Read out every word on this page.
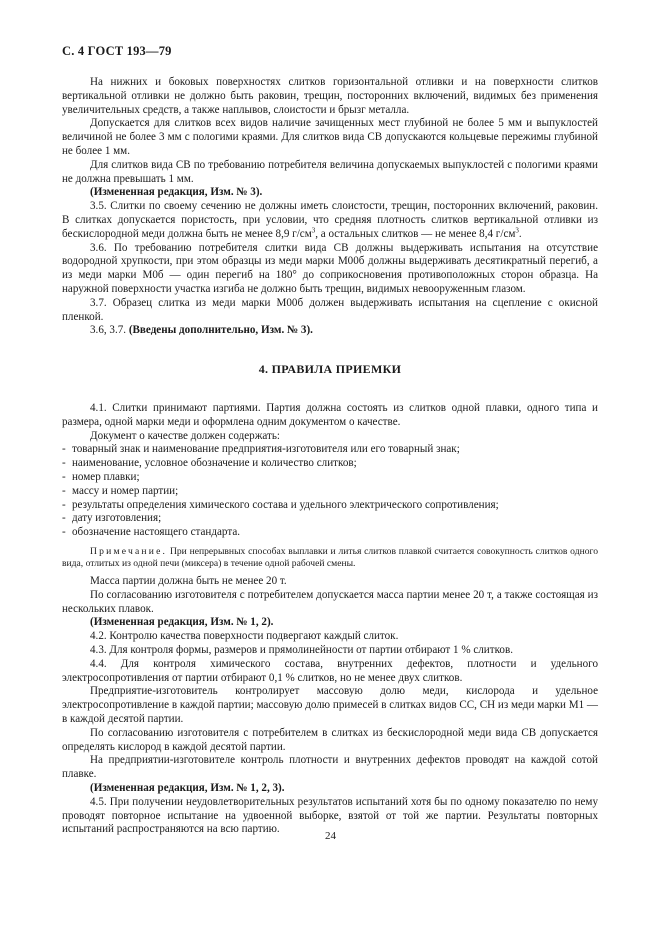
С. 4 ГОСТ 193—79

На нижних и боковых поверхностях слитков горизонтальной отливки и на поверхности слитков вертикальной отливки не должно быть раковин, трещин, посторонних включений, видимых без применения увеличительных средств, а также наплывов, слоистости и брызг металла.

Допускается для слитков всех видов наличие зачищенных мест глубиной не более 5 мм и выпуклостей величиной не более 3 мм с пологими краями. Для слитков вида СВ допускаются кольцевые пережимы глубиной не более 1 мм.

Для слитков вида СВ по требованию потребителя величина допускаемых выпуклостей с пологими краями не должна превышать 1 мм.

(Измененная редакция, Изм. № 3).

3.5. Слитки по своему сечению не должны иметь слоистости, трещин, посторонних включений, раковин. В слитках допускается пористость, при условии, что средняя плотность слитков вертикальной отливки из бескислородной меди должна быть не менее 8,9 $г/см^3$, а остальных слитков — не менее 8,4 $г/см^3$.

3.6. По требованию потребителя слитки вида СВ должны выдерживать испытания на отсутствие водородной хрупкости, при этом образцы из меди марки М00б должны выдерживать десятикратный перегиб, а из меди марки М0б — один перегиб на 180° до соприкосновения противоположных сторон образца. На наружной поверхности участка изгиба не должно быть трещин, видимых невооруженным глазом.

3.7. Образец слитка из меди марки М00б должен выдерживать испытания на сцепление с окисной пленкой.

3.6, 3.7. (Введены дополнительно, Изм. № 3).

4. ПРАВИЛА ПРИЕМКИ

4.1. Слитки принимают партиями. Партия должна состоять из слитков одной плавки, одного типа и размера, одной марки меди и оформлена одним документом о качестве.

Документ о качестве должен содержать:

- товарный знак и наименование предприятия-изготовителя или его товарный знак;
- наименование, условное обозначение и количество слитков;
- номер плавки;
- массу и номер партии;
- результаты определения химического состава и удельного электрического сопротивления;
- дату изготовления;
- обозначение настоящего стандарта.

Примечание. При непрерывных способах выплавки и литья слитков плавкой считается совокупность слитков одного вида, отлитых из одной печи (миксера) в течение одной рабочей смены.

Масса партии должна быть не менее 20 т.

По согласованию изготовителя с потребителем допускается масса партии менее 20 т, а также состоящая из нескольких плавок.

(Измененная редакция, Изм. № 1, 2).

4.2. Контролю качества поверхности подвергают каждый слиток.

4.3. Для контроля формы, размеров и прямолинейности от партии отбирают 1 % слитков.

4.4. Для контроля химического состава, внутренних дефектов, плотности и удельного электросопротивления от партии отбирают 0,1 % слитков, но не менее двух слитков.

Предприятие-изготовитель контролирует массовую долю меди, кислорода и удельное электросопротивление в каждой партии; массовую долю примесей в слитках видов СС, СН из меди марки М1 — в каждой десятой партии.

По согласованию изготовителя с потребителем в слитках из бескислородной меди вида СВ допускается определять кислород в каждой десятой партии.

На предприятии-изготовителе контроль плотности и внутренних дефектов проводят на каждой сотой плавке.

(Измененная редакция, Изм. № 1, 2, 3).

4.5. При получении неудовлетворительных результатов испытаний хотя бы по одному показателю по нему проводят повторное испытание на удвоенной выборке, взятой от той же партии. Результаты повторных испытаний распространяются на всю партию.

24
